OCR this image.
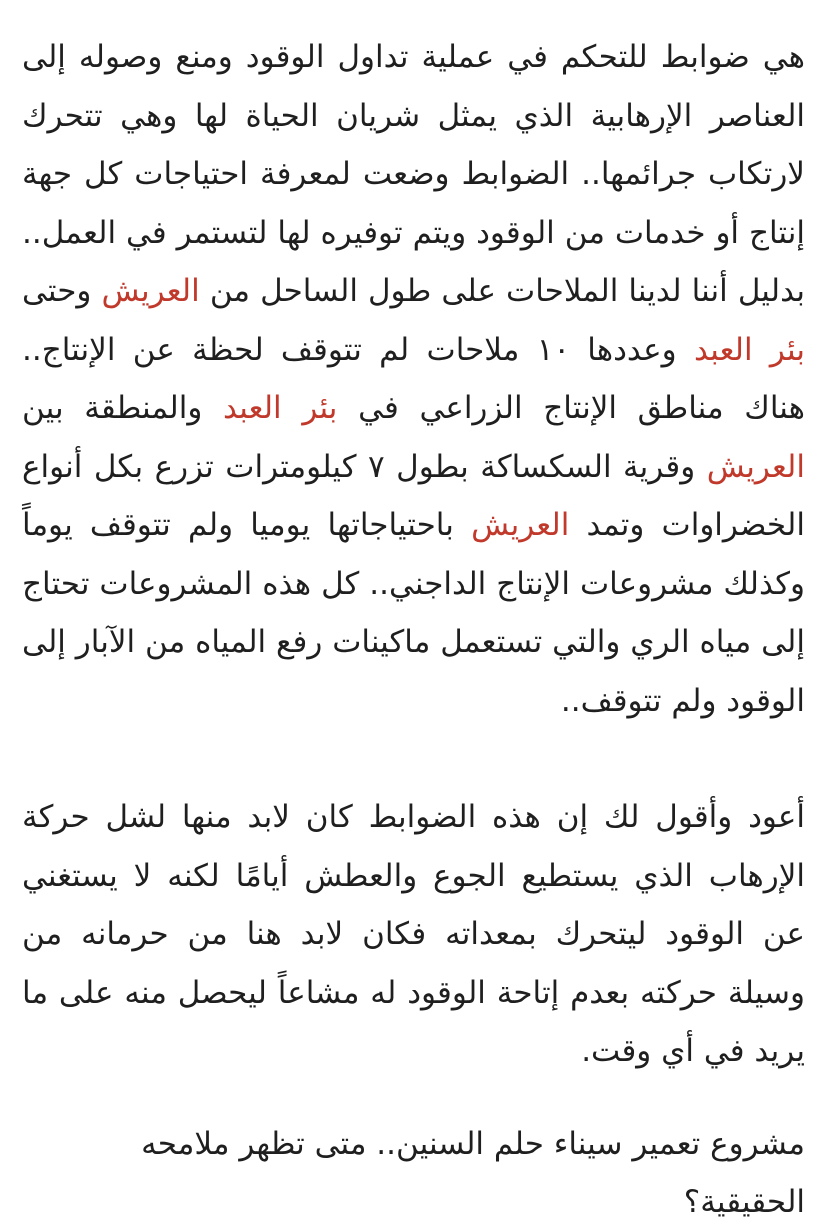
هي ضوابط للتحكم في عملية تداول الوقود ومنع وصوله إلى العناصر الإرهابية الذي يمثل شريان الحياة لها وهي تتحرك لارتكاب جرائمها.. الضوابط وضعت لمعرفة احتياجات كل جهة إنتاج أو خدمات من الوقود ويتم توفيره لها لتستمر في العمل.. بدليل أننا لدينا الملاحات على طول الساحل من العريش وحتى بئر العبد وعددها ١٠ ملاحات لم تتوقف لحظة عن الإنتاج.. هناك مناطق الإنتاج الزراعي في بئر العبد والمنطقة بين العريش وقرية السكساكة بطول ٧ كيلومترات تزرع بكل أنواع الخضراوات وتمد العريش باحتياجاتها يوميا ولم تتوقف يوماً وكذلك مشروعات الإنتاج الداجني.. كل هذه المشروعات تحتاج إلى مياه الري والتي تستعمل ماكينات رفع المياه من الآبار إلى الوقود ولم تتوقف..

أعود وأقول لك إن هذه الضوابط كان لابد منها لشل حركة الإرهاب الذي يستطيع الجوع والعطش أيامًا لكنه لا يستغني عن الوقود ليتحرك بمعداته فكان لابد هنا من حرمانه من وسيلة حركته بعدم إتاحة الوقود له مشاعاً ليحصل منه على ما يريد في أي وقت.

مشروع تعمير سيناء حلم السنين.. متى تظهر ملامحه الحقيقية؟
